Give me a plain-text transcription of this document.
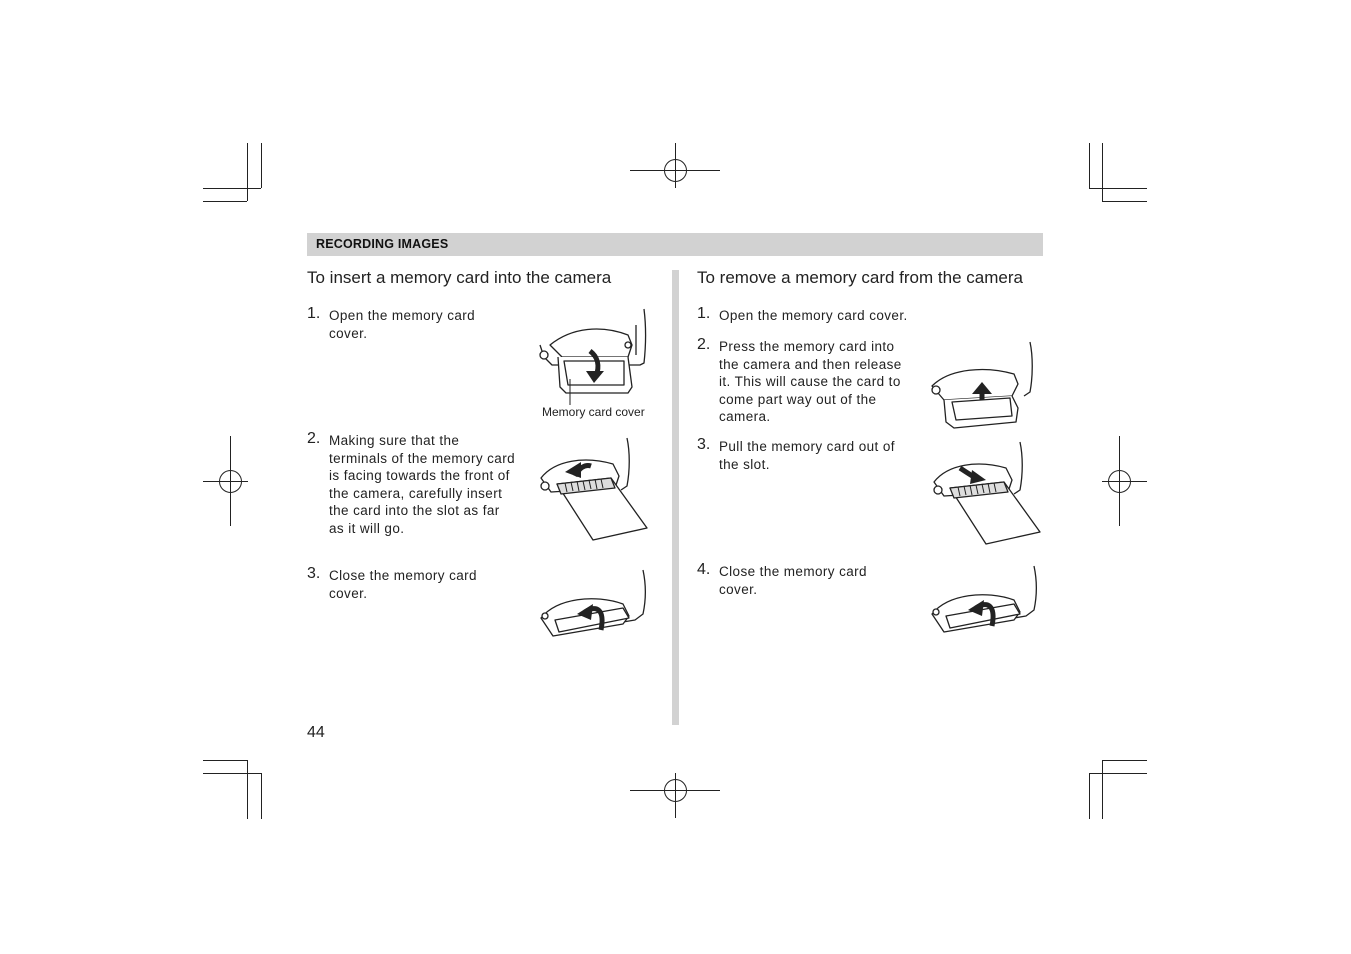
RECORDING IMAGES
To insert a memory card into the camera
1. Open the memory card cover.
2. Making sure that the terminals of the memory card is facing towards the front of the camera, carefully insert the card into the slot as far as it will go.
3. Close the memory card cover.
Memory card cover
To remove a memory card from the camera
1. Open the memory card cover.
2. Press the memory card into the camera and then release it. This will cause the card to come part way out of the camera.
3. Pull the memory card out of the slot.
4. Close the memory card cover.
44
